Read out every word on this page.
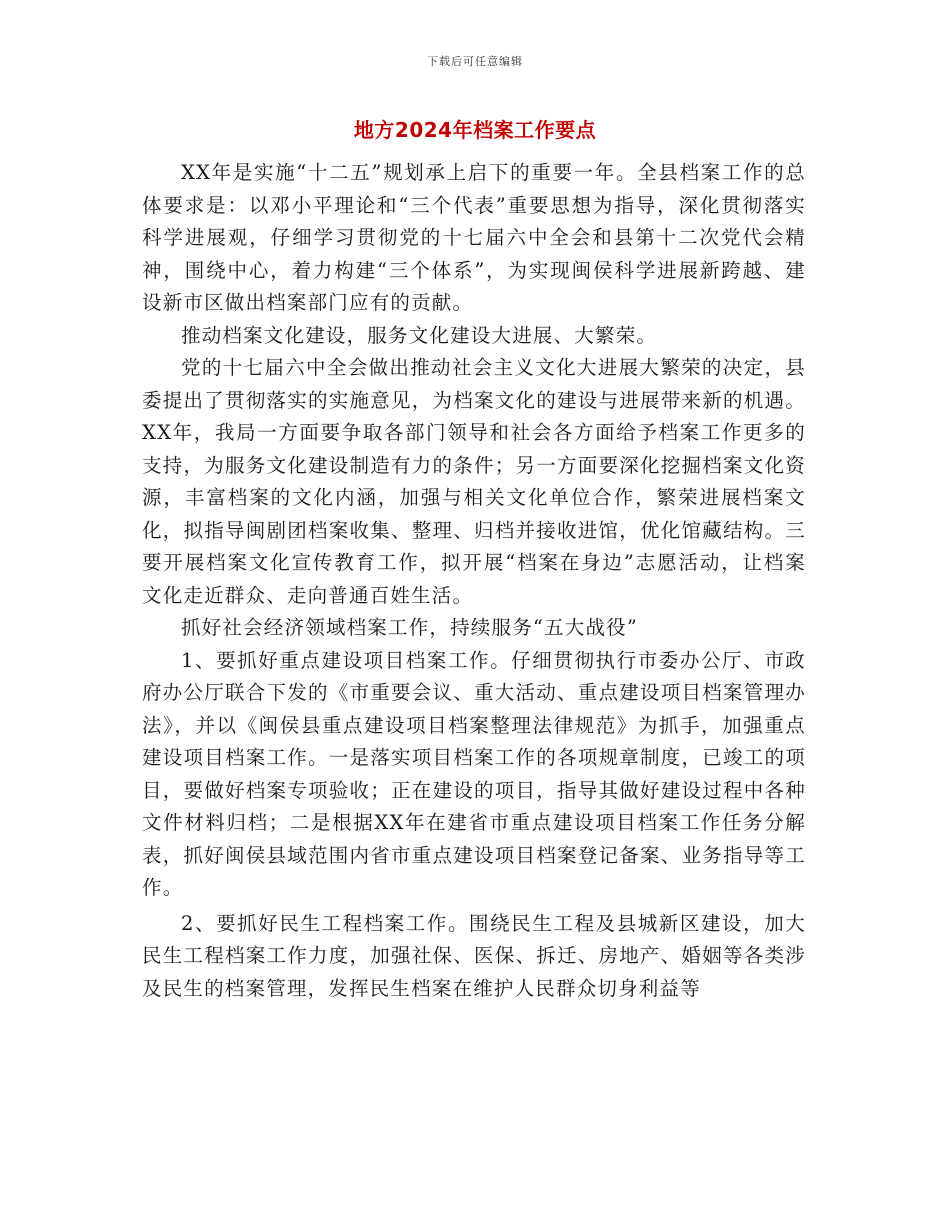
下载后可任意编辑
地方2024年档案工作要点

XX年是实施“十二五”规划承上启下的重要一年。全县档案工作的总体要求是：以邓小平理论和“三个代表”重要思想为指导，深化贯彻落实科学进展观，仔细学习贯彻党的十七届六中全会和县第十二次党代会精神，围绕中心，着力构建“三个体系”，为实现闽侯科学进展新跨越、建设新市区做出档案部门应有的贡献。

推动档案文化建设，服务文化建设大进展、大繁荣。

党的十七届六中全会做出推动社会主义文化大进展大繁荣的决定，县委提出了贯彻落实的实施意见，为档案文化的建设与进展带来新的机遇。XX年，我局一方面要争取各部门领导和社会各方面给予档案工作更多的支持，为服务文化建设制造有力的条件；另一方面要深化挖掘档案文化资源，丰富档案的文化内涵，加强与相关文化单位合作，繁荣进展档案文化，拟指导闽剧团档案收集、整理、归档并接收进馆，优化馆藏结构。三要开展档案文化宣传教育工作，拟开展“档案在身边”志愿活动，让档案文化走近群众、走向普通百姓生活。

抓好社会经济领域档案工作，持续服务“五大战役”

1、要抓好重点建设项目档案工作。仔细贯彻执行市委办公厅、市政府办公厅联合下发的《市重要会议、重大活动、重点建设项目档案管理办法》，并以《闽侯县重点建设项目档案整理法律规范》为抓手，加强重点建设项目档案工作。一是落实项目档案工作的各项规章制度，已竣工的项目，要做好档案专项验收；正在建设的项目，指导其做好建设过程中各种文件材料归档；二是根据XX年在建省市重点建设项目档案工作任务分解表，抓好闽侯县域范围内省市重点建设项目档案登记备案、业务指导等工作。

2、要抓好民生工程档案工作。围绕民生工程及县城新区建设，加大民生工程档案工作力度，加强社保、医保、拆迁、房地产、婚姻等各类涉及民生的档案管理，发挥民生档案在维护人民群众切身利益等
